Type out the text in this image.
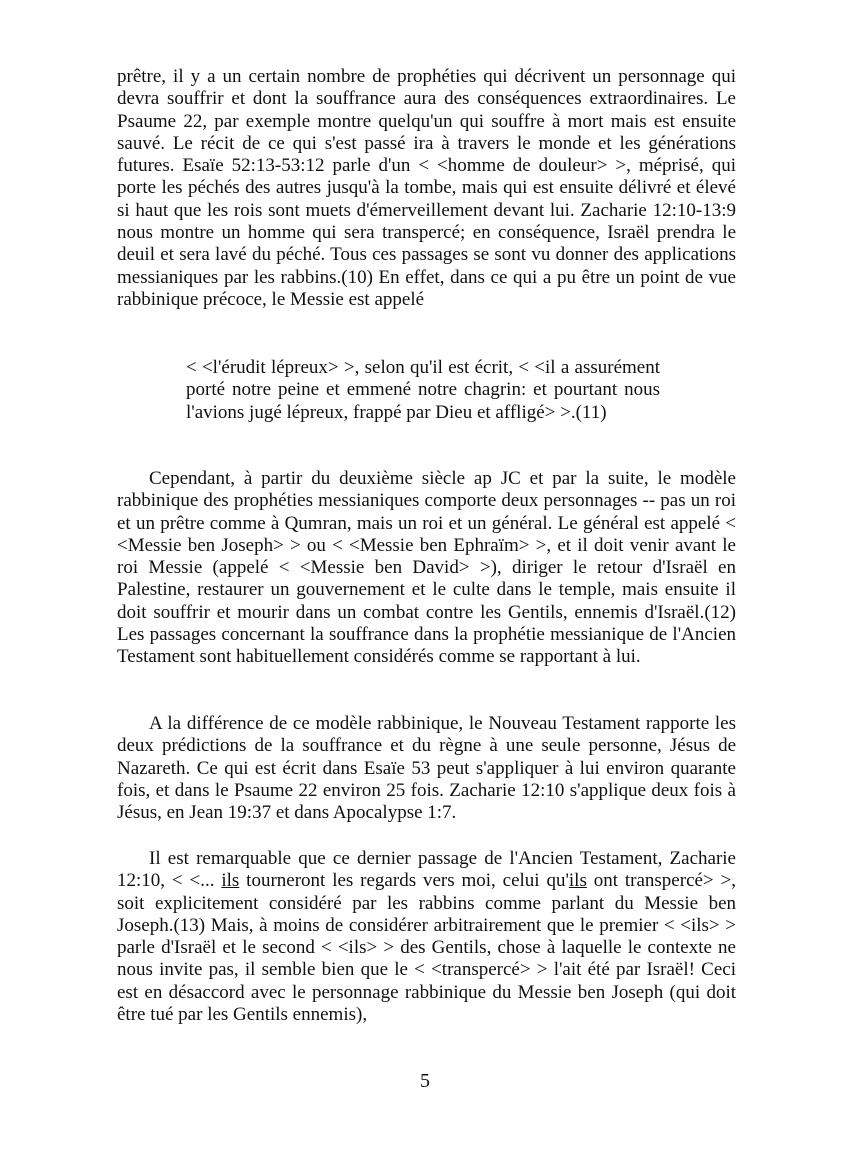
prêtre, il y a un certain nombre de prophéties qui décrivent un personnage qui devra souffrir et dont la souffrance aura des conséquences extraordinaires. Le Psaume 22, par exemple montre quelqu'un qui souffre à mort mais est ensuite sauvé. Le récit de ce qui s'est passé ira à travers le monde et les générations futures. Esaïe 52:13-53:12 parle d'un < <homme de douleur> >, méprisé, qui porte les péchés des autres jusqu'à la tombe, mais qui est ensuite délivré et élevé si haut que les rois sont muets d'émerveillement devant lui. Zacharie 12:10-13:9 nous montre un homme qui sera transpercé; en conséquence, Israël prendra le deuil et sera lavé du péché. Tous ces passages se sont vu donner des applications messianiques par les rabbins.(10) En effet, dans ce qui a pu être un point de vue rabbinique précoce, le Messie est appelé

< <l'érudit lépreux> >, selon qu'il est écrit, < <il a assurément porté notre peine et emmené notre chagrin: et pourtant nous l'avions jugé lépreux, frappé par Dieu et affligé> >.(11)

Cependant, à partir du deuxième siècle ap JC et par la suite, le modèle rabbinique des prophéties messianiques comporte deux personnages -- pas un roi et un prêtre comme à Qumran, mais un roi et un général. Le général est appelé < <Messie ben Joseph> > ou < <Messie ben Ephraïm> >, et il doit venir avant le roi Messie (appelé < <Messie ben David> >), diriger le retour d'Israël en Palestine, restaurer un gouvernement et le culte dans le temple, mais ensuite il doit souffrir et mourir dans un combat contre les Gentils, ennemis d'Israël.(12) Les passages concernant la souffrance dans la prophétie messianique de l'Ancien Testament sont habituellement considérés comme se rapportant à lui.

A la différence de ce modèle rabbinique, le Nouveau Testament rapporte les deux prédictions de la souffrance et du règne à une seule personne, Jésus de Nazareth. Ce qui est écrit dans Esaïe 53 peut s'appliquer à lui environ quarante fois, et dans le Psaume 22 environ 25 fois. Zacharie 12:10 s'applique deux fois à Jésus, en Jean 19:37 et dans Apocalypse 1:7.

Il est remarquable que ce dernier passage de l'Ancien Testament, Zacharie 12:10, < <... ils tourneront les regards vers moi, celui qu'ils ont transpercé> >, soit explicitement considéré par les rabbins comme parlant du Messie ben Joseph.(13) Mais, à moins de considérer arbitrairement que le premier < <ils> > parle d'Israël et le second < <ils> > des Gentils, chose à laquelle le contexte ne nous invite pas, il semble bien que le < <transpercé> > l'ait été par Israël! Ceci est en désaccord avec le personnage rabbinique du Messie ben Joseph (qui doit être tué par les Gentils ennemis),

5
